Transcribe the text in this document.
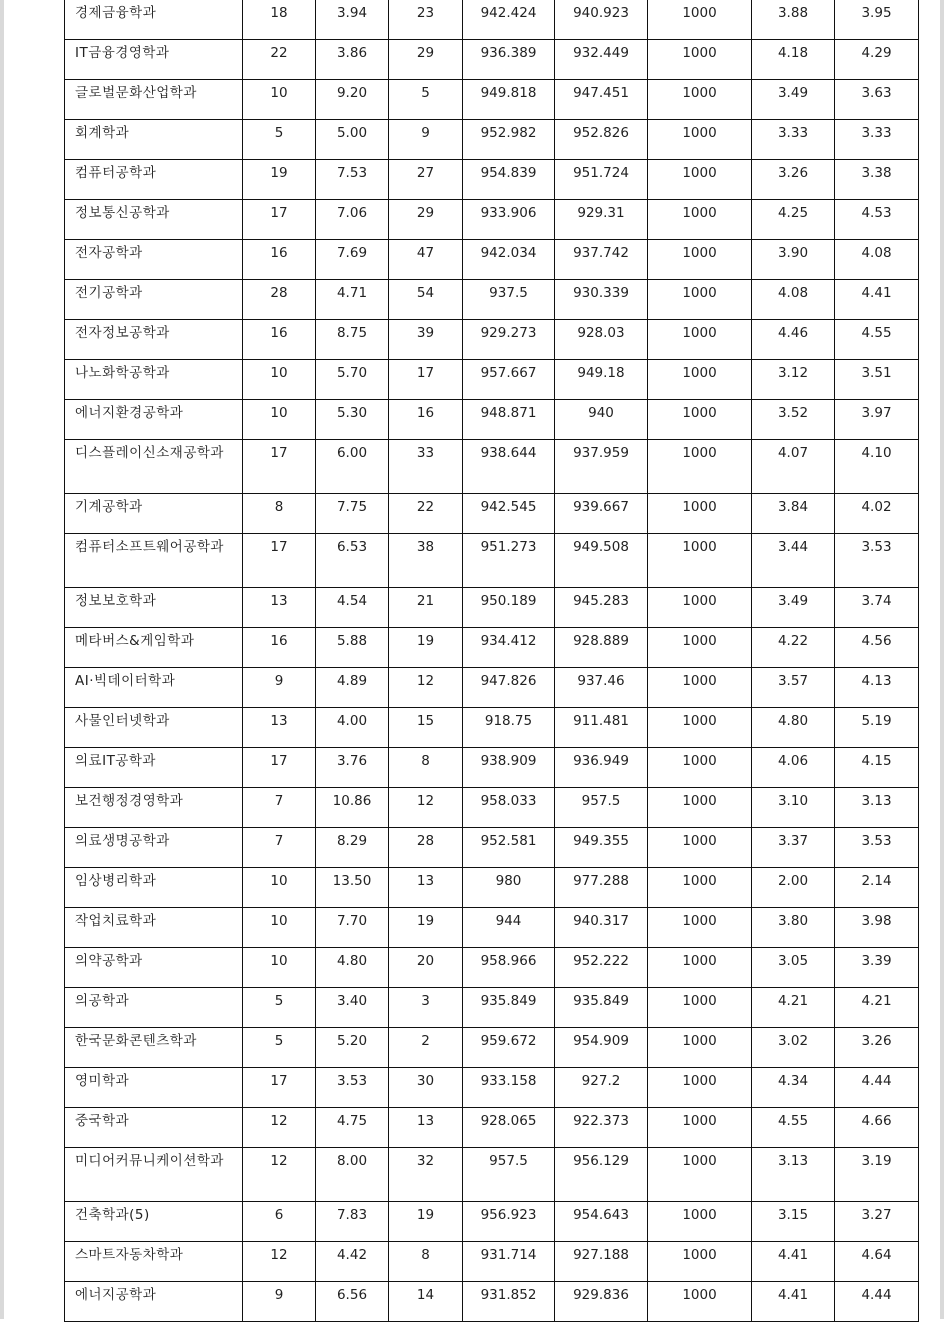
경제금융학과	18	3.94	23	942.424	940.923	1000	3.88	3.95
IT금융경영학과	22	3.86	29	936.389	932.449	1000	4.18	4.29
글로벌문화산업학과	10	9.20	5	949.818	947.451	1000	3.49	3.63
회계학과	5	5.00	9	952.982	952.826	1000	3.33	3.33
컴퓨터공학과	19	7.53	27	954.839	951.724	1000	3.26	3.38
정보통신공학과	17	7.06	29	933.906	929.31	1000	4.25	4.53
전자공학과	16	7.69	47	942.034	937.742	1000	3.90	4.08
전기공학과	28	4.71	54	937.5	930.339	1000	4.08	4.41
전자정보공학과	16	8.75	39	929.273	928.03	1000	4.46	4.55
나노화학공학과	10	5.70	17	957.667	949.18	1000	3.12	3.51
에너지환경공학과	10	5.30	16	948.871	940	1000	3.52	3.97
디스플레이신소재공학과	17	6.00	33	938.644	937.959	1000	4.07	4.10
기계공학과	8	7.75	22	942.545	939.667	1000	3.84	4.02
컴퓨터소프트웨어공학과	17	6.53	38	951.273	949.508	1000	3.44	3.53
정보보호학과	13	4.54	21	950.189	945.283	1000	3.49	3.74
메타버스&게임학과	16	5.88	19	934.412	928.889	1000	4.22	4.56
AI·빅데이터학과	9	4.89	12	947.826	937.46	1000	3.57	4.13
사물인터넷학과	13	4.00	15	918.75	911.481	1000	4.80	5.19
의료IT공학과	17	3.76	8	938.909	936.949	1000	4.06	4.15
보건행정경영학과	7	10.86	12	958.033	957.5	1000	3.10	3.13
의료생명공학과	7	8.29	28	952.581	949.355	1000	3.37	3.53
임상병리학과	10	13.50	13	980	977.288	1000	2.00	2.14
작업치료학과	10	7.70	19	944	940.317	1000	3.80	3.98
의약공학과	10	4.80	20	958.966	952.222	1000	3.05	3.39
의공학과	5	3.40	3	935.849	935.849	1000	4.21	4.21
한국문화콘텐츠학과	5	5.20	2	959.672	954.909	1000	3.02	3.26
영미학과	17	3.53	30	933.158	927.2	1000	4.34	4.44
중국학과	12	4.75	13	928.065	922.373	1000	4.55	4.66
미디어커뮤니케이션학과	12	8.00	32	957.5	956.129	1000	3.13	3.19
건축학과(5)	6	7.83	19	956.923	954.643	1000	3.15	3.27
스마트자동차학과	12	4.42	8	931.714	927.188	1000	4.41	4.64
에너지공학과	9	6.56	14	931.852	929.836	1000	4.41	4.44
